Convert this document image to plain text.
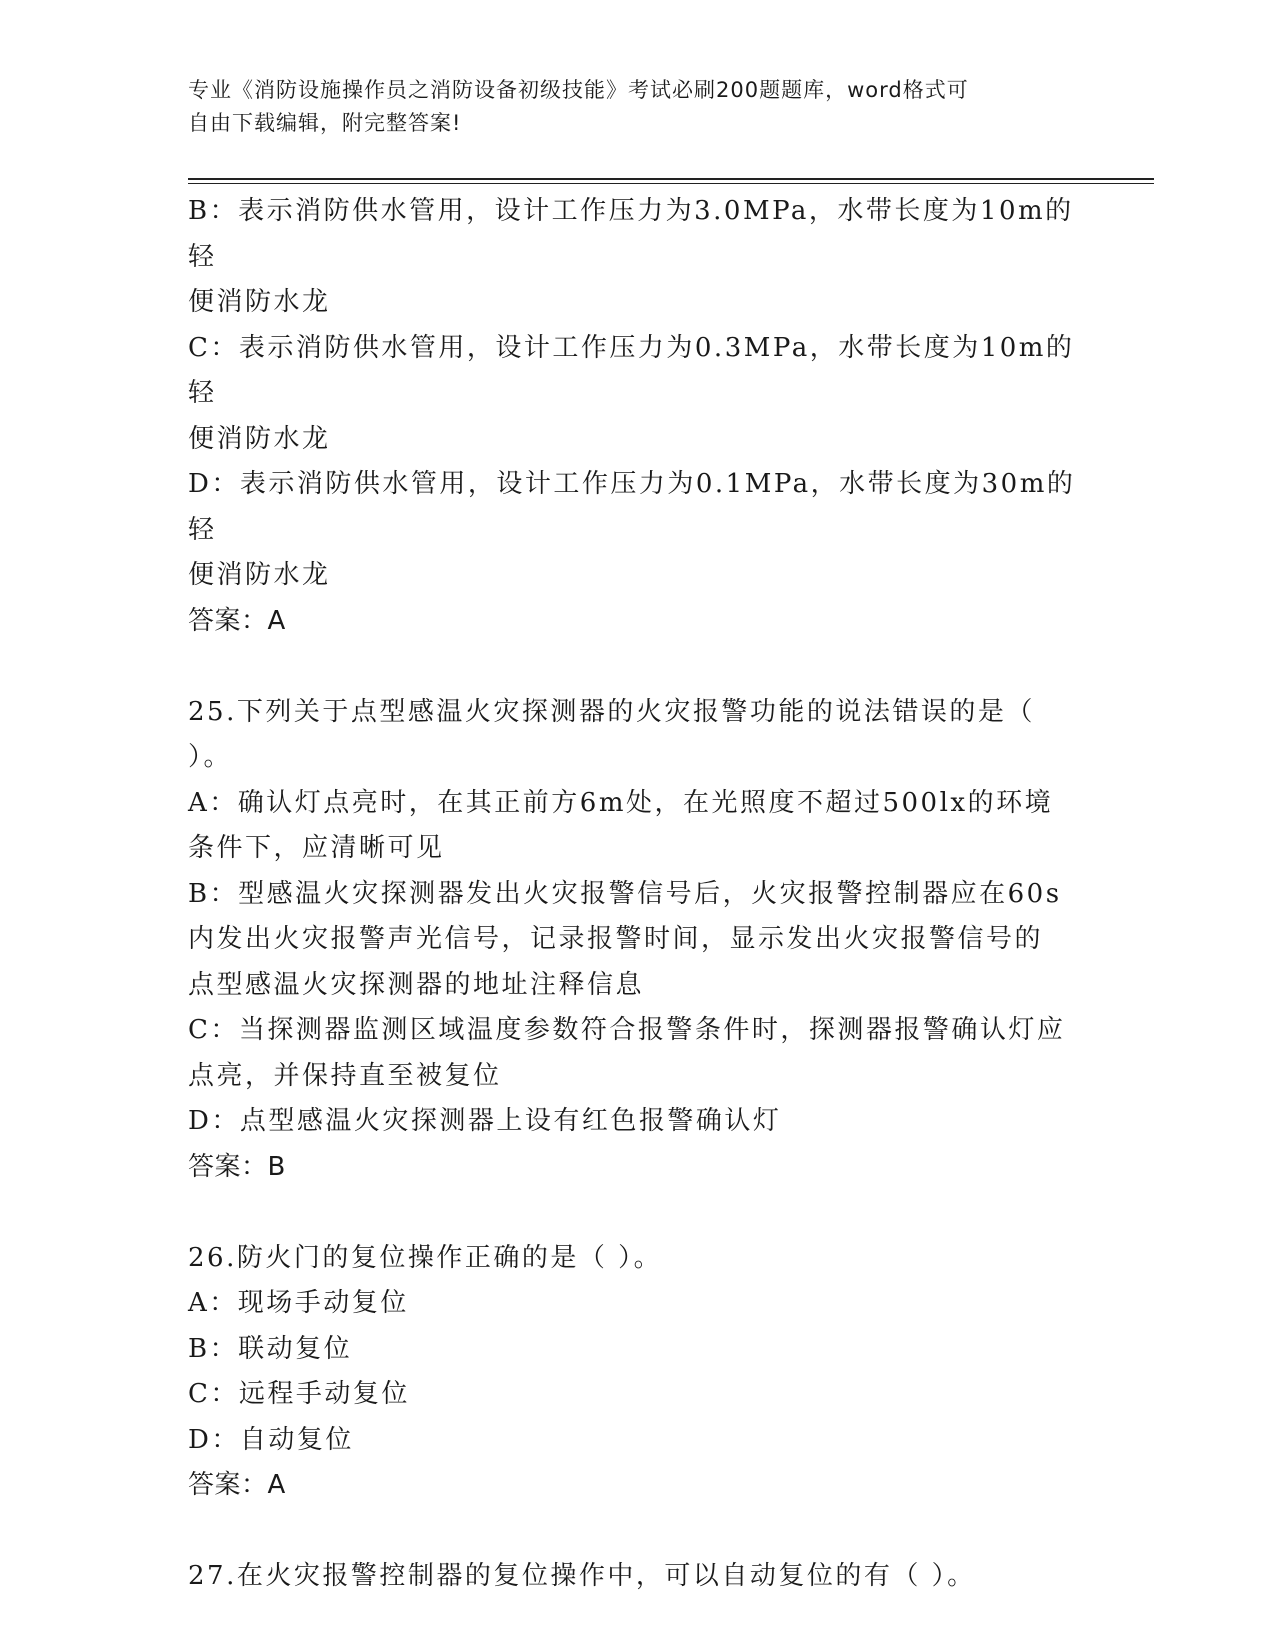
专业《消防设施操作员之消防设备初级技能》考试必刷200题题库，word格式可
自由下载编辑，附完整答案!

B：表示消防供水管用，设计工作压力为3.0MPa，水带长度为10m的轻

便消防水龙

C：表示消防供水管用，设计工作压力为0.3MPa，水带长度为10m的轻

便消防水龙

D：表示消防供水管用，设计工作压力为0.1MPa，水带长度为30m的轻

便消防水龙

答案：A

25.下列关于点型感温火灾探测器的火灾报警功能的说法错误的是（

）。

A：确认灯点亮时，在其正前方6m处，在光照度不超过500lx的环境

条件下，应清晰可见

B：型感温火灾探测器发出火灾报警信号后，火灾报警控制器应在60s

内发出火灾报警声光信号，记录报警时间，显示发出火灾报警信号的

点型感温火灾探测器的地址注释信息

C：当探测器监测区域温度参数符合报警条件时，探测器报警确认灯应

点亮，并保持直至被复位

D：点型感温火灾探测器上设有红色报警确认灯

答案：B

26.防火门的复位操作正确的是（ ）。

A：现场手动复位

B：联动复位

C：远程手动复位

D：自动复位

答案：A

27.在火灾报警控制器的复位操作中，可以自动复位的有（ ）。
